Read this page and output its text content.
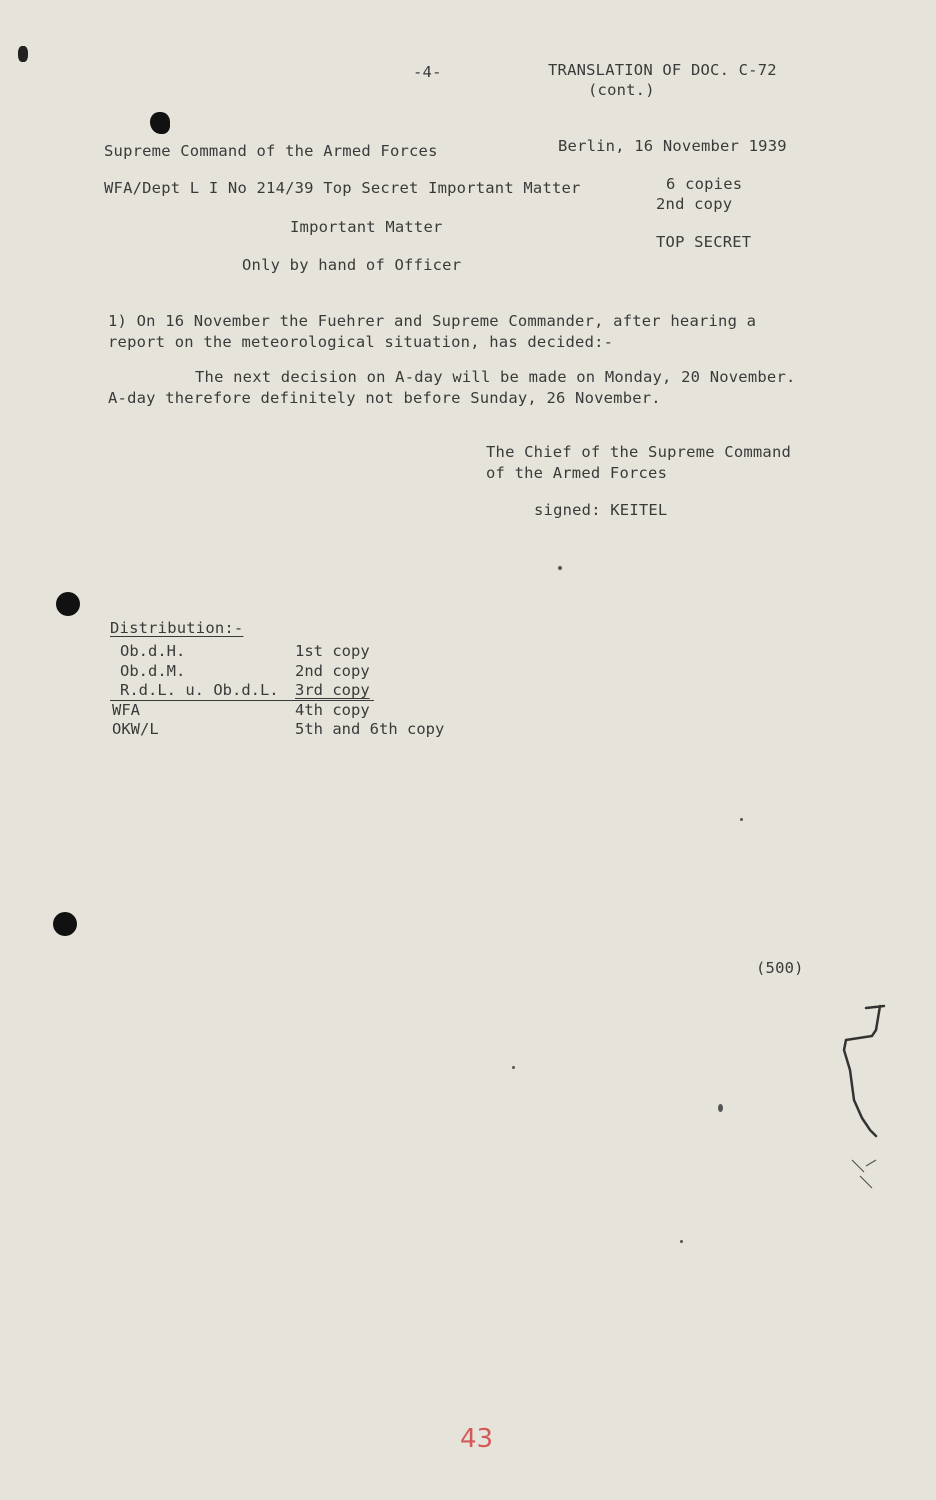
-4-	TRANSLATION OF DOC. C-72
(cont.)
Supreme Command of the Armed Forces	Berlin, 16 November 1939
WFA/Dept L I No 214/39 Top Secret Important Matter	6 copies
2nd copy
Important Matter
TOP SECRET
Only by hand of Officer
1) On 16 November the Fuehrer and Supreme Commander, after hearing a
report on the meteorological situation, has decided:-
The next decision on A-day will be made on Monday, 20 November.
A-day therefore definitely not before Sunday, 26 November.
The Chief of the Supreme Command
of the Armed Forces
signed: KEITEL
Distribution:-
Ob.d.H.	1st copy
Ob.d.M.	2nd copy
R.d.L. u. Ob.d.L.	3rd copy
WFA	4th copy
OKW/L	5th and 6th copy
(500)
43
